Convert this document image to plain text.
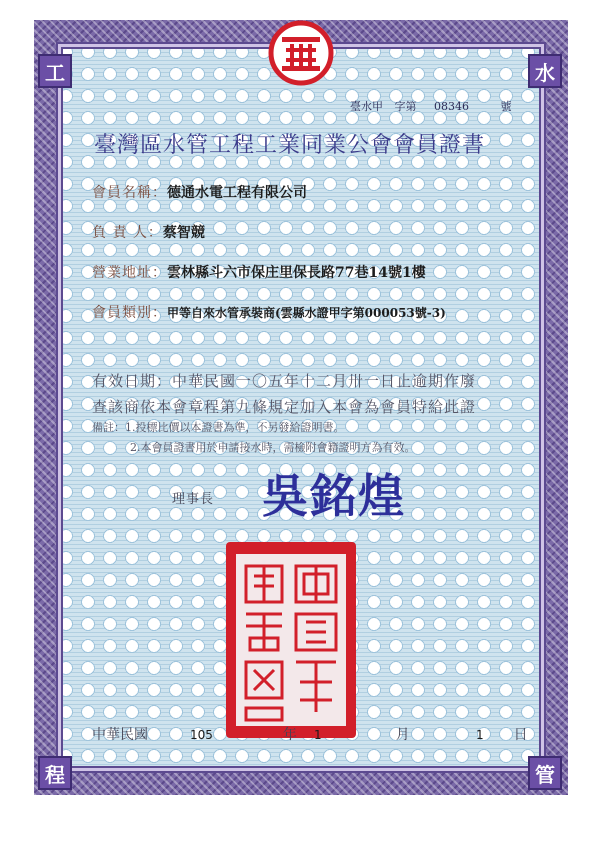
工	水
程	管
臺水甲 字第 08346	號
臺灣區水管工程工業同業公會會員證書
會員名稱：德通水電工程有限公司
負 責 人：蔡智競
營業地址：雲林縣斗六市保庄里保長路77巷14號1樓
會員類別：甲等自來水管承裝商(雲縣水證甲字第000053號-3)
有效日期：中華民國一〇五年十二月卅一日止逾期作廢
查該商依本會章程第九條規定加入本會為會員特給此證
備註：1.投標比價以本證書為準，不另發給證明書。
2.本會員證書用於申請接水時，需檢附會籍證明方為有效。
理事長 吳銘煌
中華民國	105	年 1	月	1 日
